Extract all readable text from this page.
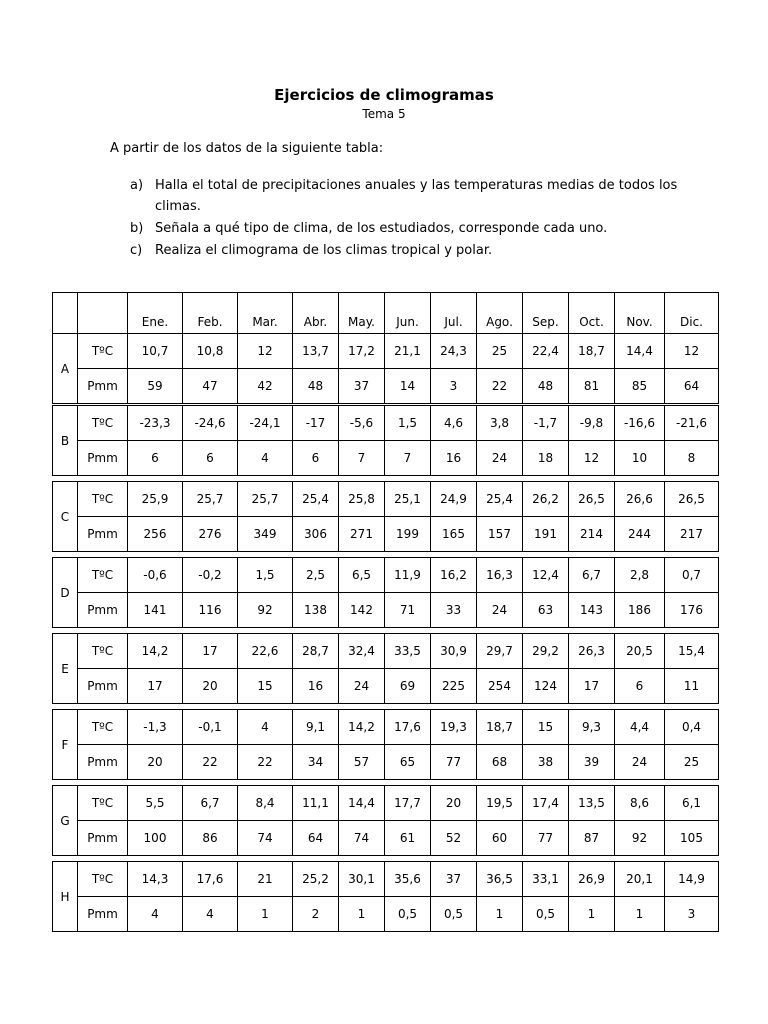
Ejercicios de climogramas
Tema 5
A partir de los datos de la siguiente tabla:
a) Halla el total de precipitaciones anuales y las temperaturas medias de todos los climas.
b) Señala a qué tipo de clima, de los estudiados, corresponde cada uno.
c) Realiza el climograma de los climas tropical y polar.
		Ene.	Feb.	Mar.	Abr.	May.	Jun.	Jul.	Ago.	Sep.	Oct.	Nov.	Dic.
A	TºC	10,7	10,8	12	13,7	17,2	21,1	24,3	25	22,4	18,7	14,4	12
	Pmm	59	47	42	48	37	14	3	22	48	81	85	64
B	TºC	-23,3	-24,6	-24,1	-17	-5,6	1,5	4,6	3,8	-1,7	-9,8	-16,6	-21,6
	Pmm	6	6	4	6	7	7	16	24	18	12	10	8
C	TºC	25,9	25,7	25,7	25,4	25,8	25,1	24,9	25,4	26,2	26,5	26,6	26,5
	Pmm	256	276	349	306	271	199	165	157	191	214	244	217
D	TºC	-0,6	-0,2	1,5	2,5	6,5	11,9	16,2	16,3	12,4	6,7	2,8	0,7
	Pmm	141	116	92	138	142	71	33	24	63	143	186	176
E	TºC	14,2	17	22,6	28,7	32,4	33,5	30,9	29,7	29,2	26,3	20,5	15,4
	Pmm	17	20	15	16	24	69	225	254	124	17	6	11
F	TºC	-1,3	-0,1	4	9,1	14,2	17,6	19,3	18,7	15	9,3	4,4	0,4
	Pmm	20	22	22	34	57	65	77	68	38	39	24	25
G	TºC	5,5	6,7	8,4	11,1	14,4	17,7	20	19,5	17,4	13,5	8,6	6,1
	Pmm	100	86	74	64	74	61	52	60	77	87	92	105
H	TºC	14,3	17,6	21	25,2	30,1	35,6	37	36,5	33,1	26,9	20,1	14,9
	Pmm	4	4	1	2	1	0,5	0,5	1	0,5	1	1	3
